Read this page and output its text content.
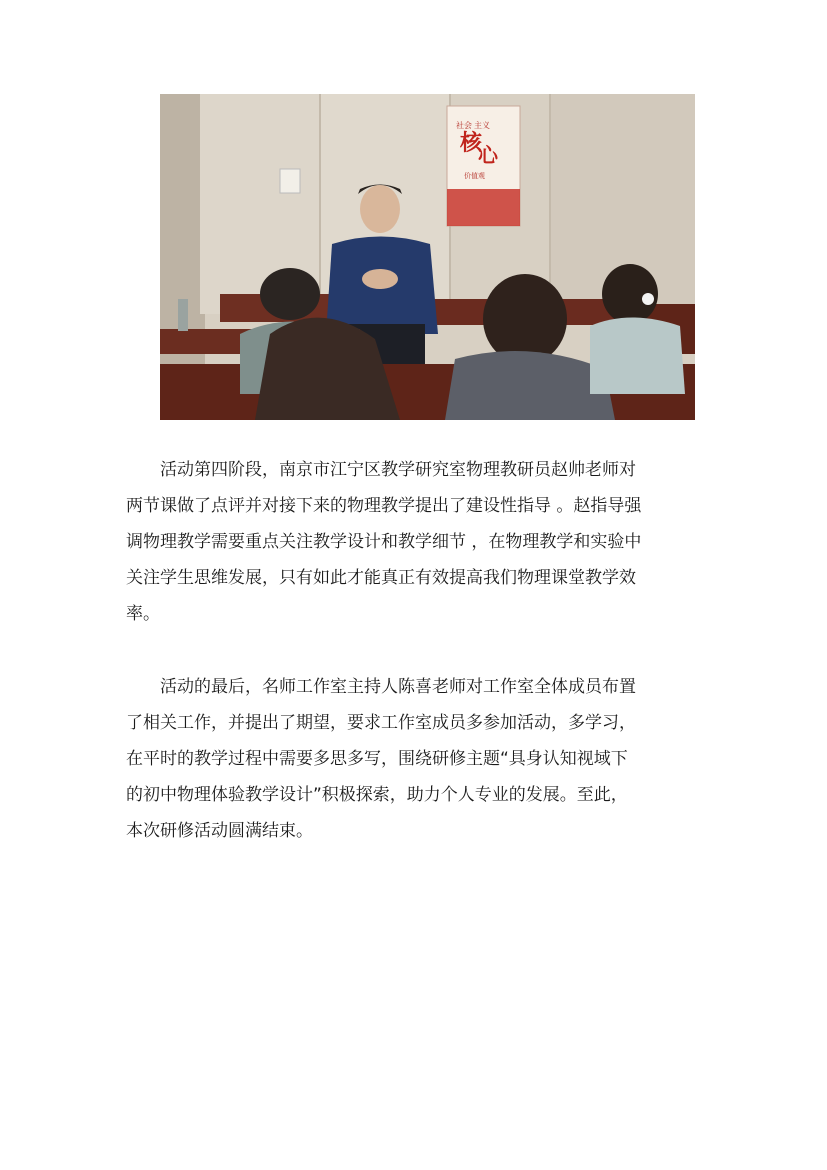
社会 主义
核
心
价值观
　　活动第四阶段，南京市江宁区教学研究室物理教研员赵帅老师对
两节课做了点评并对接下来的物理教学提出了建设性指导 。赵指导强
调物理教学需要重点关注教学设计和教学细节 ，在物理教学和实验中
关注学生思维发展，只有如此才能真正有效提高我们物理课堂教学效
率。
　　活动的最后，名师工作室主持人陈喜老师对工作室全体成员布置
了相关工作，并提出了期望，要求工作室成员多参加活动，多学习，
在平时的教学过程中需要多思多写，围绕研修主题“具身认知视域下
的初中物理体验教学设计”积极探索，助力个人专业的发展。至此，
本次研修活动圆满结束。
